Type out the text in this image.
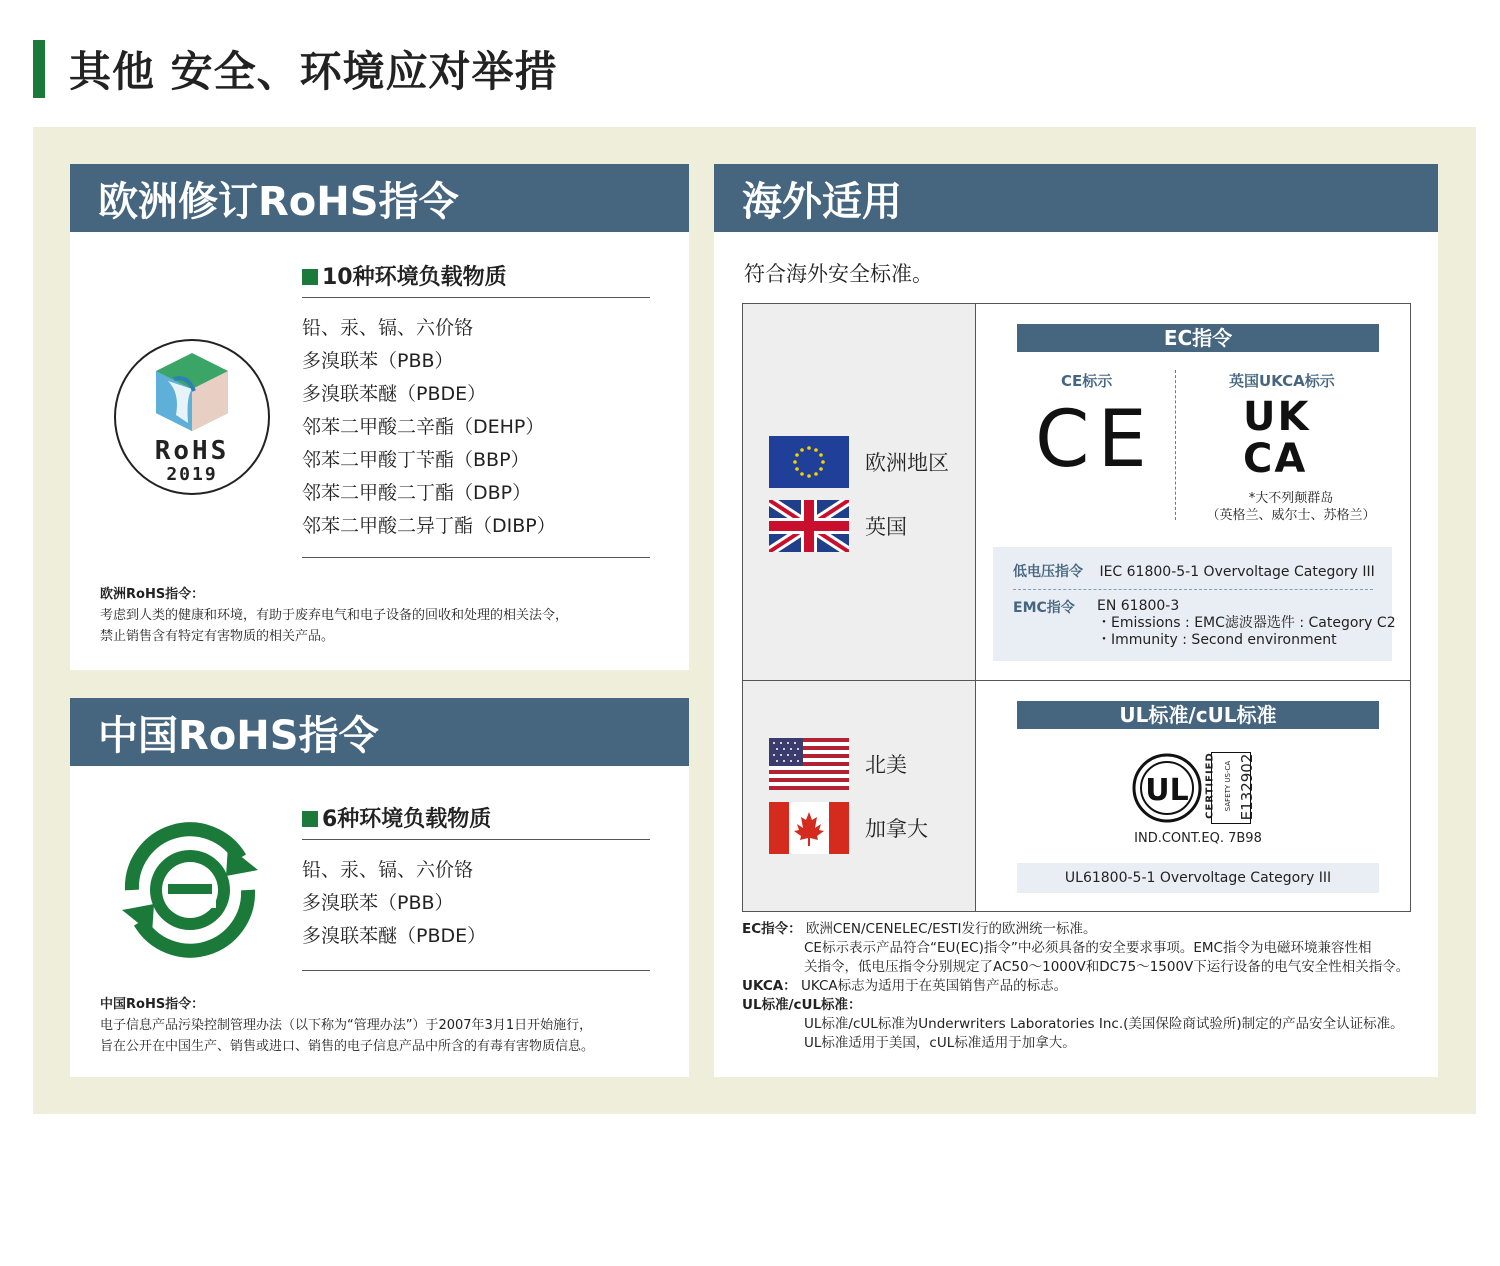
其他 安全、环境应对举措
欧洲修订RoHS指令
RoHS
2019
10种环境负载物质
铅、汞、镉、六价铬
多溴联苯（PBB）
多溴联苯醚（PBDE）
邻苯二甲酸二辛酯（DEHP）
邻苯二甲酸丁苄酯（BBP）
邻苯二甲酸二丁酯（DBP）
邻苯二甲酸二异丁酯（DIBP）
欧洲RoHS指令：
考虑到人类的健康和环境，有助于废弃电气和电子设备的回收和处理的相关法令，
禁止销售含有特定有害物质的相关产品。
中国RoHS指令
6种环境负载物质
铅、汞、镉、六价铬
多溴联苯（PBB）
多溴联苯醚（PBDE）
中国RoHS指令：
电子信息产品污染控制管理办法（以下称为“管理办法”）于2007年3月1日开始施行，
旨在公开在中国生产、销售或进口、销售的电子信息产品中所含的有毒有害物质信息。
海外适用
符合海外安全标准。
欧洲地区
英国
北美
加拿大
EC指令
CE标示	英国UKCA标示
CE UK
CA
*大不列颠群岛
（英格兰、威尔士、苏格兰）
低电压指令 IEC 61800-5-1 Overvoltage Category III
EMC指令 EN 61800-3
・Emissions : EMC滤波器选件 : Category C2
・Immunity : Second environment
UL标准/cUL标准
UL CERTIFIED SAFETY US-CA E132902
IND.CONT.EQ. 7B98
UL61800-5-1 Overvoltage Category III
EC指令： 欧洲CEN/CENELEC/ESTI发行的欧洲统一标准。
CE标示表示产品符合“EU(EC)指令”中必须具备的安全要求事项。EMC指令为电磁环境兼容性相
关指令，低电压指令分别规定了AC50～1000V和DC75～1500V下运行设备的电气安全性相关指令。
UKCA： UKCA标志为适用于在英国销售产品的标志。
UL标准/cUL标准：
UL标准/cUL标准为Underwriters Laboratories Inc.(美国保险商试验所)制定的产品安全认证标准。
UL标准适用于美国，cUL标准适用于加拿大。
